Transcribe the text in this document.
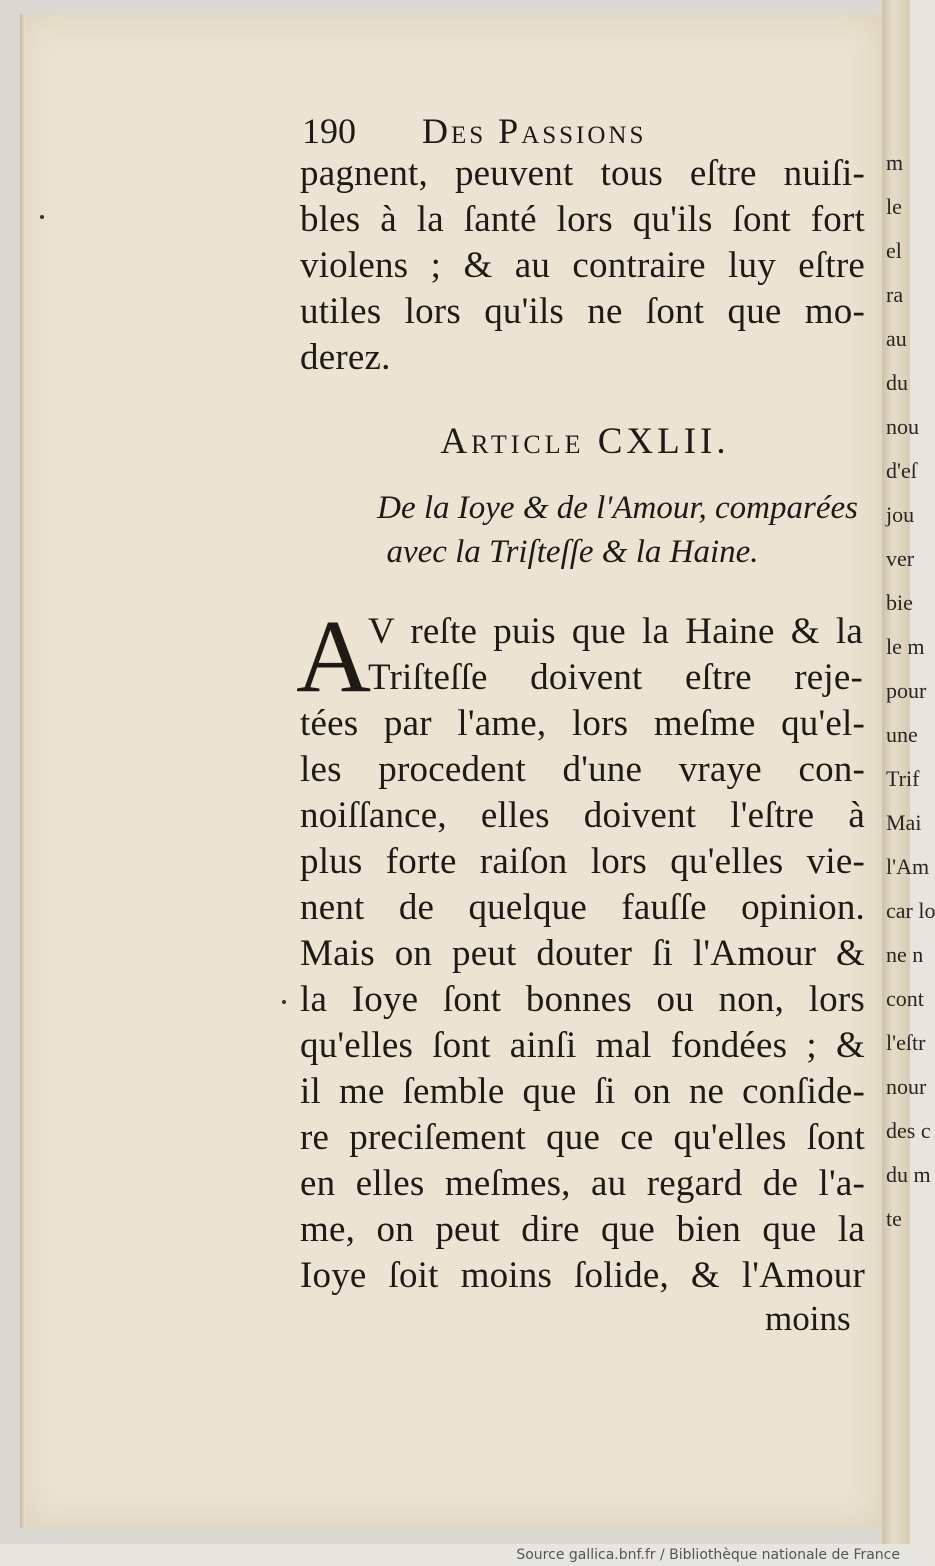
m
le
el
ra
au
du
nou
d'eſ
jou
ver
bie
le m
pour
une
Trif
Mai
l'Am
car lo
ne n
cont
l'eſtr
nour
des c
du m
te
190 Des Passions
pagnent, peuvent tous eſtre nuiſi-
bles à la ſanté lors qu'ils ſont fort
violens ; & au contraire luy eſtre
utiles lors qu'ils ne ſont que mo-
derez.
Article CXLII.
De la Ioye & de l'Amour, comparées
avec la Triſteſſe & la Haine.
A
V reſte puis que la Haine & la
Triſteſſe doivent eſtre reje-
tées par l'ame, lors meſme qu'el-
les procedent d'une vraye con-
noiſſance, elles doivent l'eſtre à
plus forte raiſon lors qu'elles vie-
nent de quelque fauſſe opinion.
Mais on peut douter ſi l'Amour &
la Ioye ſont bonnes ou non, lors
qu'elles ſont ainſi mal fondées ; &
il me ſemble que ſi on ne conſide-
re preciſement que ce qu'elles ſont
en elles meſmes, au regard de l'a-
me, on peut dire que bien que la
Ioye ſoit moins ſolide, & l'Amour
moins
Source gallica.bnf.fr / Bibliothèque nationale de France
